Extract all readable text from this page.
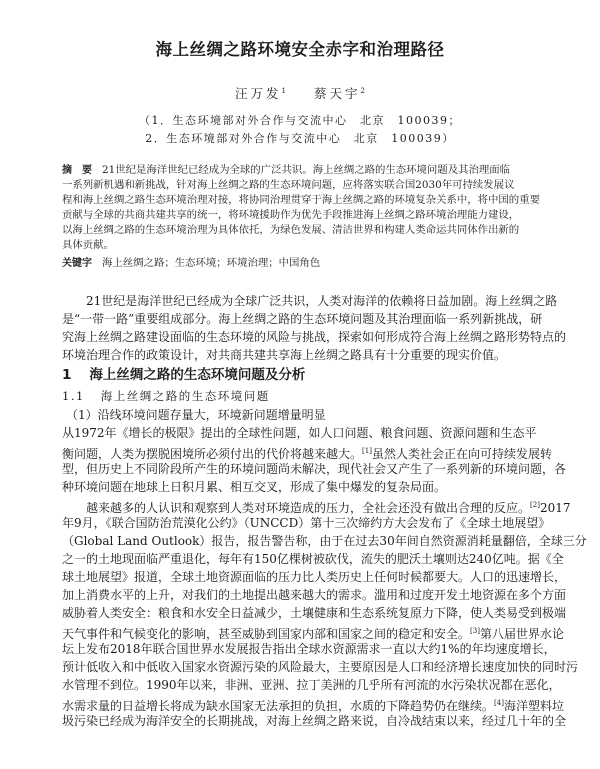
海上丝绸之路环境安全赤字和治理路径
汪万发$^1$ 蔡天宇$^2$
（1．生态环境部对外合作与交流中心　北京　100039；
2．生态环境部对外合作与交流中心　北京　100039）
摘　要 21世纪是海洋世纪已经成为全球的广泛共识。海上丝绸之路的生态环境问题及其治理面临
一系列新机遇和新挑战，针对海上丝绸之路的生态环境问题，应将落实联合国2030年可持续发展议
程和海上丝绸之路生态环境治理对接，将协同治理贯穿于海上丝绸之路的环境复杂关系中，将中国的重要
贡献与全球的共商共建共享的统一，将环境援助作为优先手段推进海上丝绸之路环境治理能力建设，
以海上丝绸之路的生态环境治理为具体依托，为绿色发展、清洁世界和构建人类命运共同体作出新的
具体贡献。
关键字 海上丝绸之路；生态环境；环境治理；中国角色
21世纪是海洋世纪已经成为全球广泛共识，人类对海洋的依赖将日益加剧。海上丝绸之路
是“一带一路”重要组成部分。海上丝绸之路的生态环境问题及其治理面临一系列新挑战，研
究海上丝绸之路建设面临的生态环境的风险与挑战，探索如何形成符合海上丝绸之路形势特点的
环境治理合作的政策设计，对共商共建共享海上丝绸之路具有十分重要的现实价值。
1 海上丝绸之路的生态环境问题及分析
1.1 海上丝绸之路的生态环境问题
（1）沿线环境问题存量大，环境新问题增量明显
从1972年《增长的极限》提出的全球性问题，如人口问题、粮食问题、资源问题和生态平
衡问题，人类为摆脱困境所必须付出的代价将越来越大。[1]虽然人类社会正在向可持续发展转
型，但历史上不同阶段所产生的环境问题尚未解决，现代社会又产生了一系列新的环境问题，各
种环境问题在地球上日积月累、相互交叉，形成了集中爆发的复杂局面。
越来越多的人认识和观察到人类对环境造成的压力，全社会还没有做出合理的反应。[2]2017
年9月，《联合国防治荒漠化公约》（UNCCD）第十三次缔约方大会发布了《全球土地展望》
（Global Land Outlook）报告，报告警告称，由于在过去30年间自然资源消耗量翻倍，全球三分
之一的土地现面临严重退化，每年有150亿棵树被砍伐，流失的肥沃土壤则达240亿吨。据《全
球土地展望》报道，全球土地资源面临的压力比人类历史上任何时候都要大。人口的迅速增长，
加上消费水平的上升，对我们的土地提出越来越大的需求。滥用和过度开发土地资源在多个方面
威胁着人类安全：粮食和水安全日益减少，土壤健康和生态系统复原力下降，使人类易受到极端
天气事件和气候变化的影响，甚至威胁到国家内部和国家之间的稳定和安全。[3]第八届世界水论
坛上发布2018年联合国世界水发展报告指出全球水资源需求一直以大约1%的年均速度增长，
预计低收入和中低收入国家水资源污染的风险最大，主要原因是人口和经济增长速度加快的同时污
水管理不到位。1990年以来，非洲、亚洲、拉丁美洲的几乎所有河流的水污染状况都在恶化，
水需求量的日益增长将成为缺水国家无法承担的负担，水质的下降趋势仍在继续。[4]海洋塑料垃
圾污染已经成为海洋安全的长期挑战，对海上丝绸之路来说，自冷战结束以来，经过几十年的全
